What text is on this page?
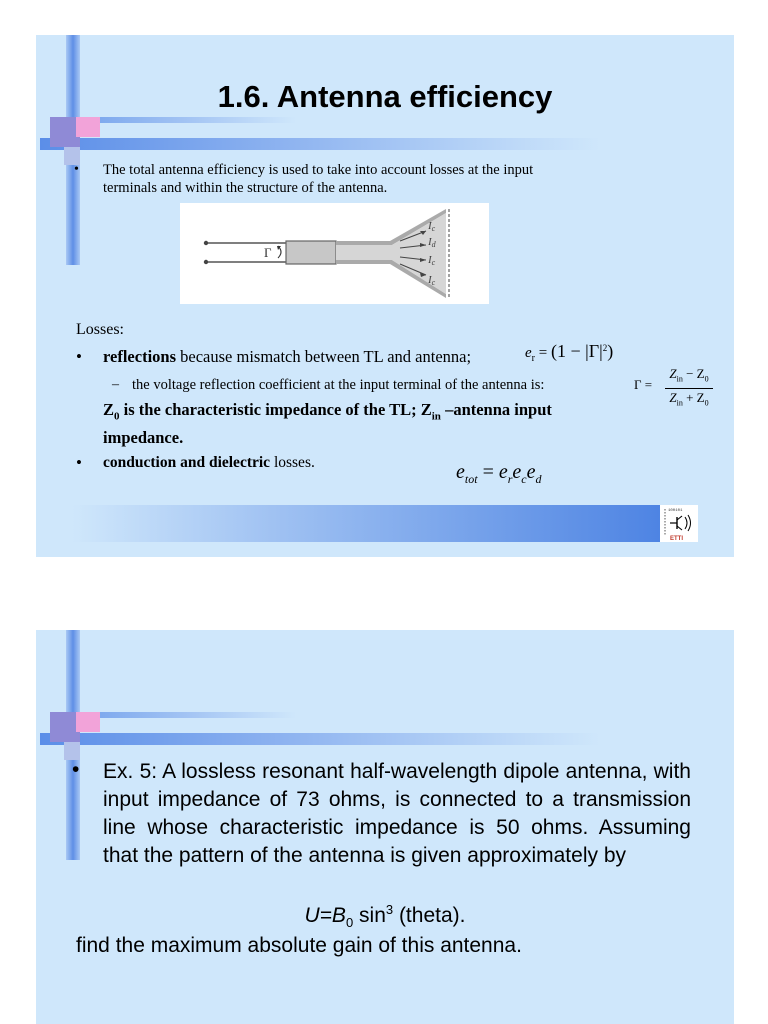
1.6. Antenna efficiency
• The total antenna efficiency is used to take into account losses at the input
terminals and within the structure of the antenna.
Γ
Ic
Id
Ic
Ic
Losses:
• reflections because mismatch between TL and antenna;	$e_r = (1 - |\Gamma|^2)$
– the voltage reflection coefficient at the input terminal of the antenna is:	Γ =
$Z_{in} - Z_0$
$Z_{in} + Z_0$
$Z_0$ is the characteristic impedance of the TL; $Z_{in}$ –antenna input
impedance.
• conduction and dielectric losses.	$e_{tot} = e_re_ce_d$
100101
ETTI
• Ex. 5: A lossless resonant half-wavelength dipole antenna, with input impedance of 73 ohms, is connected to a transmission line whose characteristic impedance is 50 ohms. Assuming that the pattern of the antenna is given approximately by
$U=B_0$ $\sin^3$ (theta).
find the maximum absolute gain of this antenna.
